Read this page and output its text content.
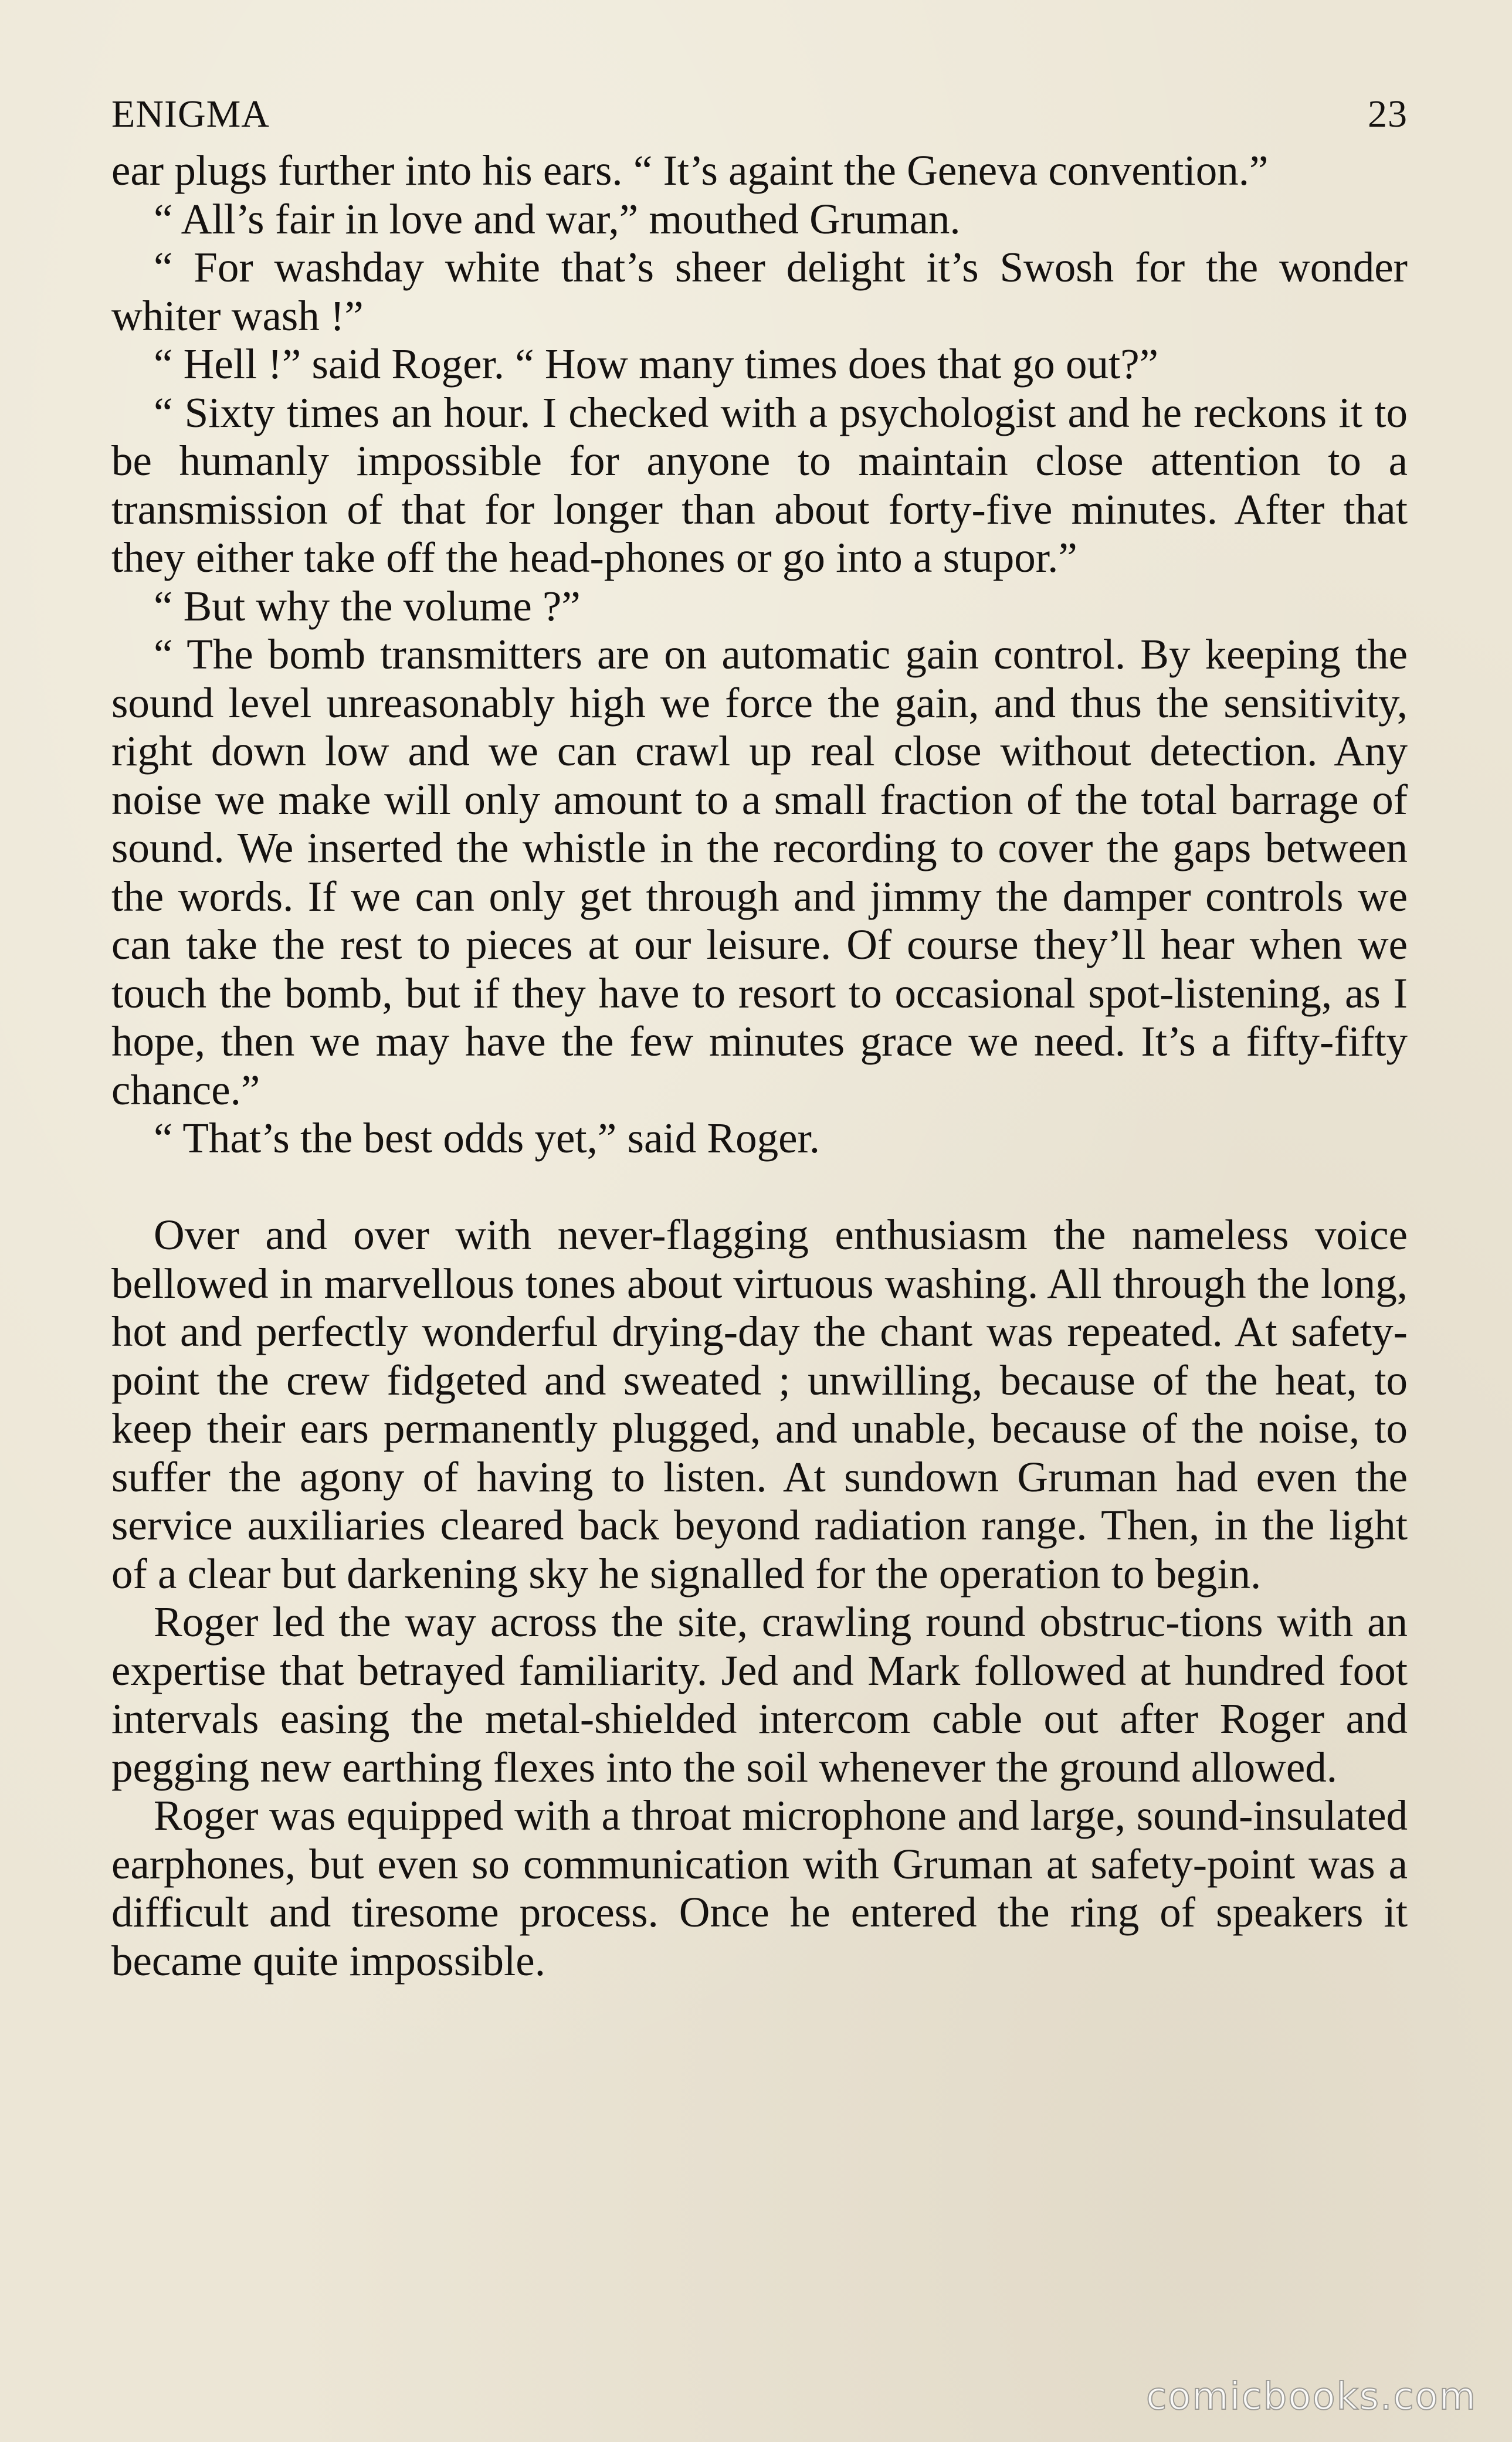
ENIGMA	23

ear plugs further into his ears. “ It’s againt the Geneva convention.”

“ All’s fair in love and war,” mouthed Gruman.

“ For washday white that’s sheer delight it’s Swosh for the wonder whiter wash !”

“ Hell !” said Roger. “ How many times does that go out?”

“ Sixty times an hour. I checked with a psychologist and he reckons it to be humanly impossible for anyone to maintain close attention to a transmission of that for longer than about forty-five minutes. After that they either take off the head-phones or go into a stupor.”

“ But why the volume ?”

“ The bomb transmitters are on automatic gain control. By keeping the sound level unreasonably high we force the gain, and thus the sensitivity, right down low and we can crawl up real close without detection. Any noise we make will only amount to a small fraction of the total barrage of sound. We inserted the whistle in the recording to cover the gaps between the words. If we can only get through and jimmy the damper controls we can take the rest to pieces at our leisure. Of course they’ll hear when we touch the bomb, but if they have to resort to occasional spot-listening, as I hope, then we may have the few minutes grace we need. It’s a fifty-fifty chance.”

“ That’s the best odds yet,” said Roger.

Over and over with never-flagging enthusiasm the nameless voice bellowed in marvellous tones about virtuous washing. All through the long, hot and perfectly wonderful drying-day the chant was repeated. At safety-point the crew fidgeted and sweated ; unwilling, because of the heat, to keep their ears permanently plugged, and unable, because of the noise, to suffer the agony of having to listen. At sundown Gruman had even the service auxiliaries cleared back beyond radiation range. Then, in the light of a clear but darkening sky he signalled for the operation to begin.

Roger led the way across the site, crawling round obstruc-tions with an expertise that betrayed familiarity. Jed and Mark followed at hundred foot intervals easing the metal-shielded intercom cable out after Roger and pegging new earthing flexes into the soil whenever the ground allowed.

Roger was equipped with a throat microphone and large, sound-insulated earphones, but even so communication with Gruman at safety-point was a difficult and tiresome process. Once he entered the ring of speakers it became quite impossible.

comicbooks.com
